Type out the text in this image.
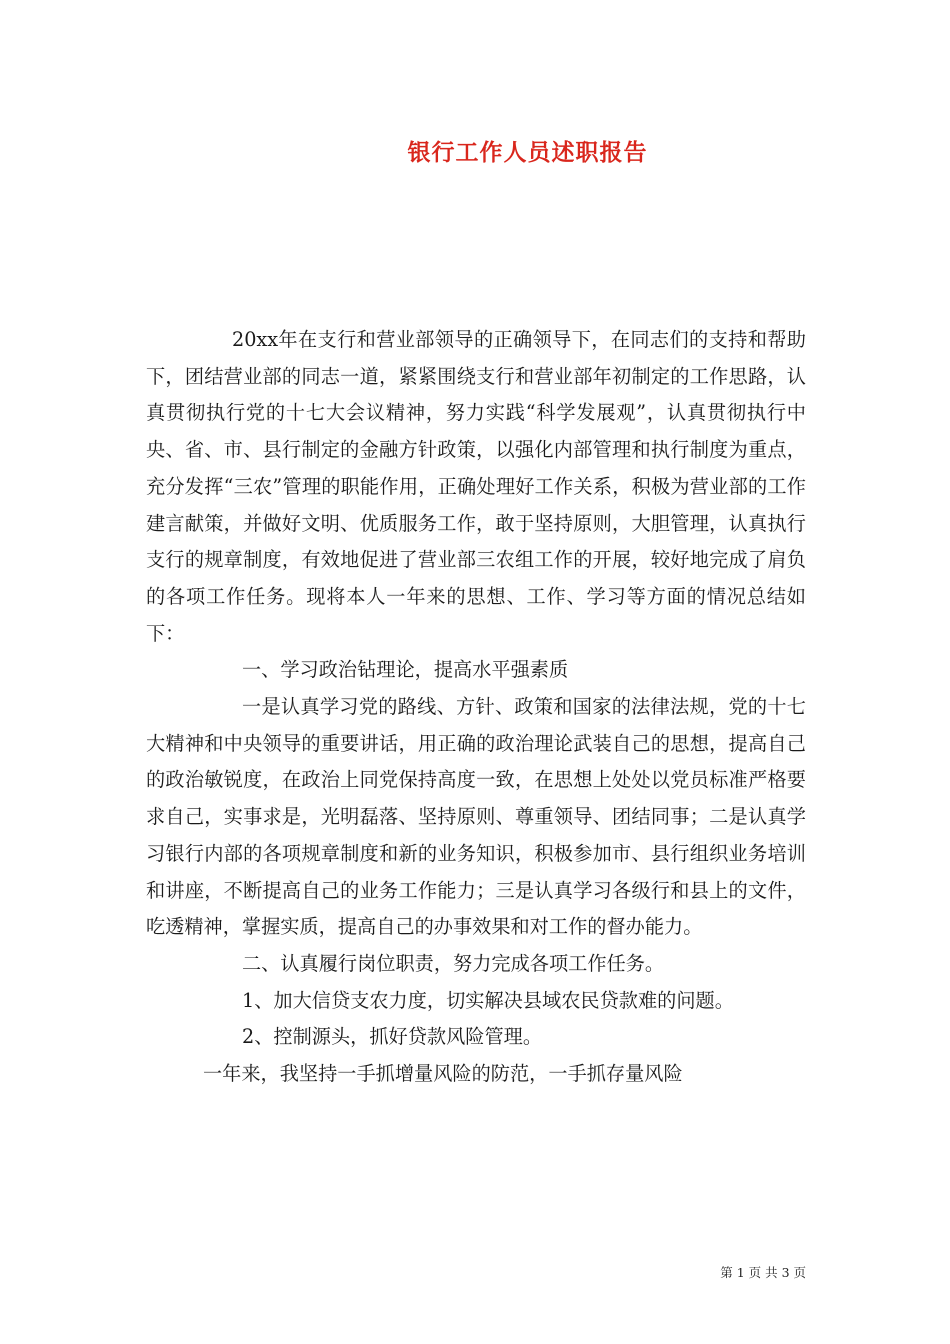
银行工作人员述职报告

20xx年在支行和营业部领导的正确领导下，在同志们的支持和帮助下，团结营业部的同志一道，紧紧围绕支行和营业部年初制定的工作思路，认真贯彻执行党的十七大会议精神，努力实践“科学发展观”，认真贯彻执行中央、省、市、县行制定的金融方针政策，以强化内部管理和执行制度为重点，充分发挥“三农”管理的职能作用，正确处理好工作关系，积极为营业部的工作建言献策，并做好文明、优质服务工作，敢于坚持原则，大胆管理，认真执行支行的规章制度，有效地促进了营业部三农组工作的开展，较好地完成了肩负的各项工作任务。现将本人一年来的思想、工作、学习等方面的情况总结如下：

一、学习政治钻理论，提高水平强素质

一是认真学习党的路线、方针、政策和国家的法律法规，党的十七大精神和中央领导的重要讲话，用正确的政治理论武装自己的思想，提高自己的政治敏锐度，在政治上同党保持高度一致，在思想上处处以党员标准严格要求自己，实事求是，光明磊落、坚持原则、尊重领导、团结同事；二是认真学习银行内部的各项规章制度和新的业务知识，积极参加市、县行组织业务培训和讲座，不断提高自己的业务工作能力；三是认真学习各级行和县上的文件，吃透精神，掌握实质，提高自己的办事效果和对工作的督办能力。

二、认真履行岗位职责，努力完成各项工作任务。

1、加大信贷支农力度，切实解决县域农民贷款难的问题。

2、控制源头，抓好贷款风险管理。

一年来，我坚持一手抓增量风险的防范，一手抓存量风险

第 1 页 共 3 页
